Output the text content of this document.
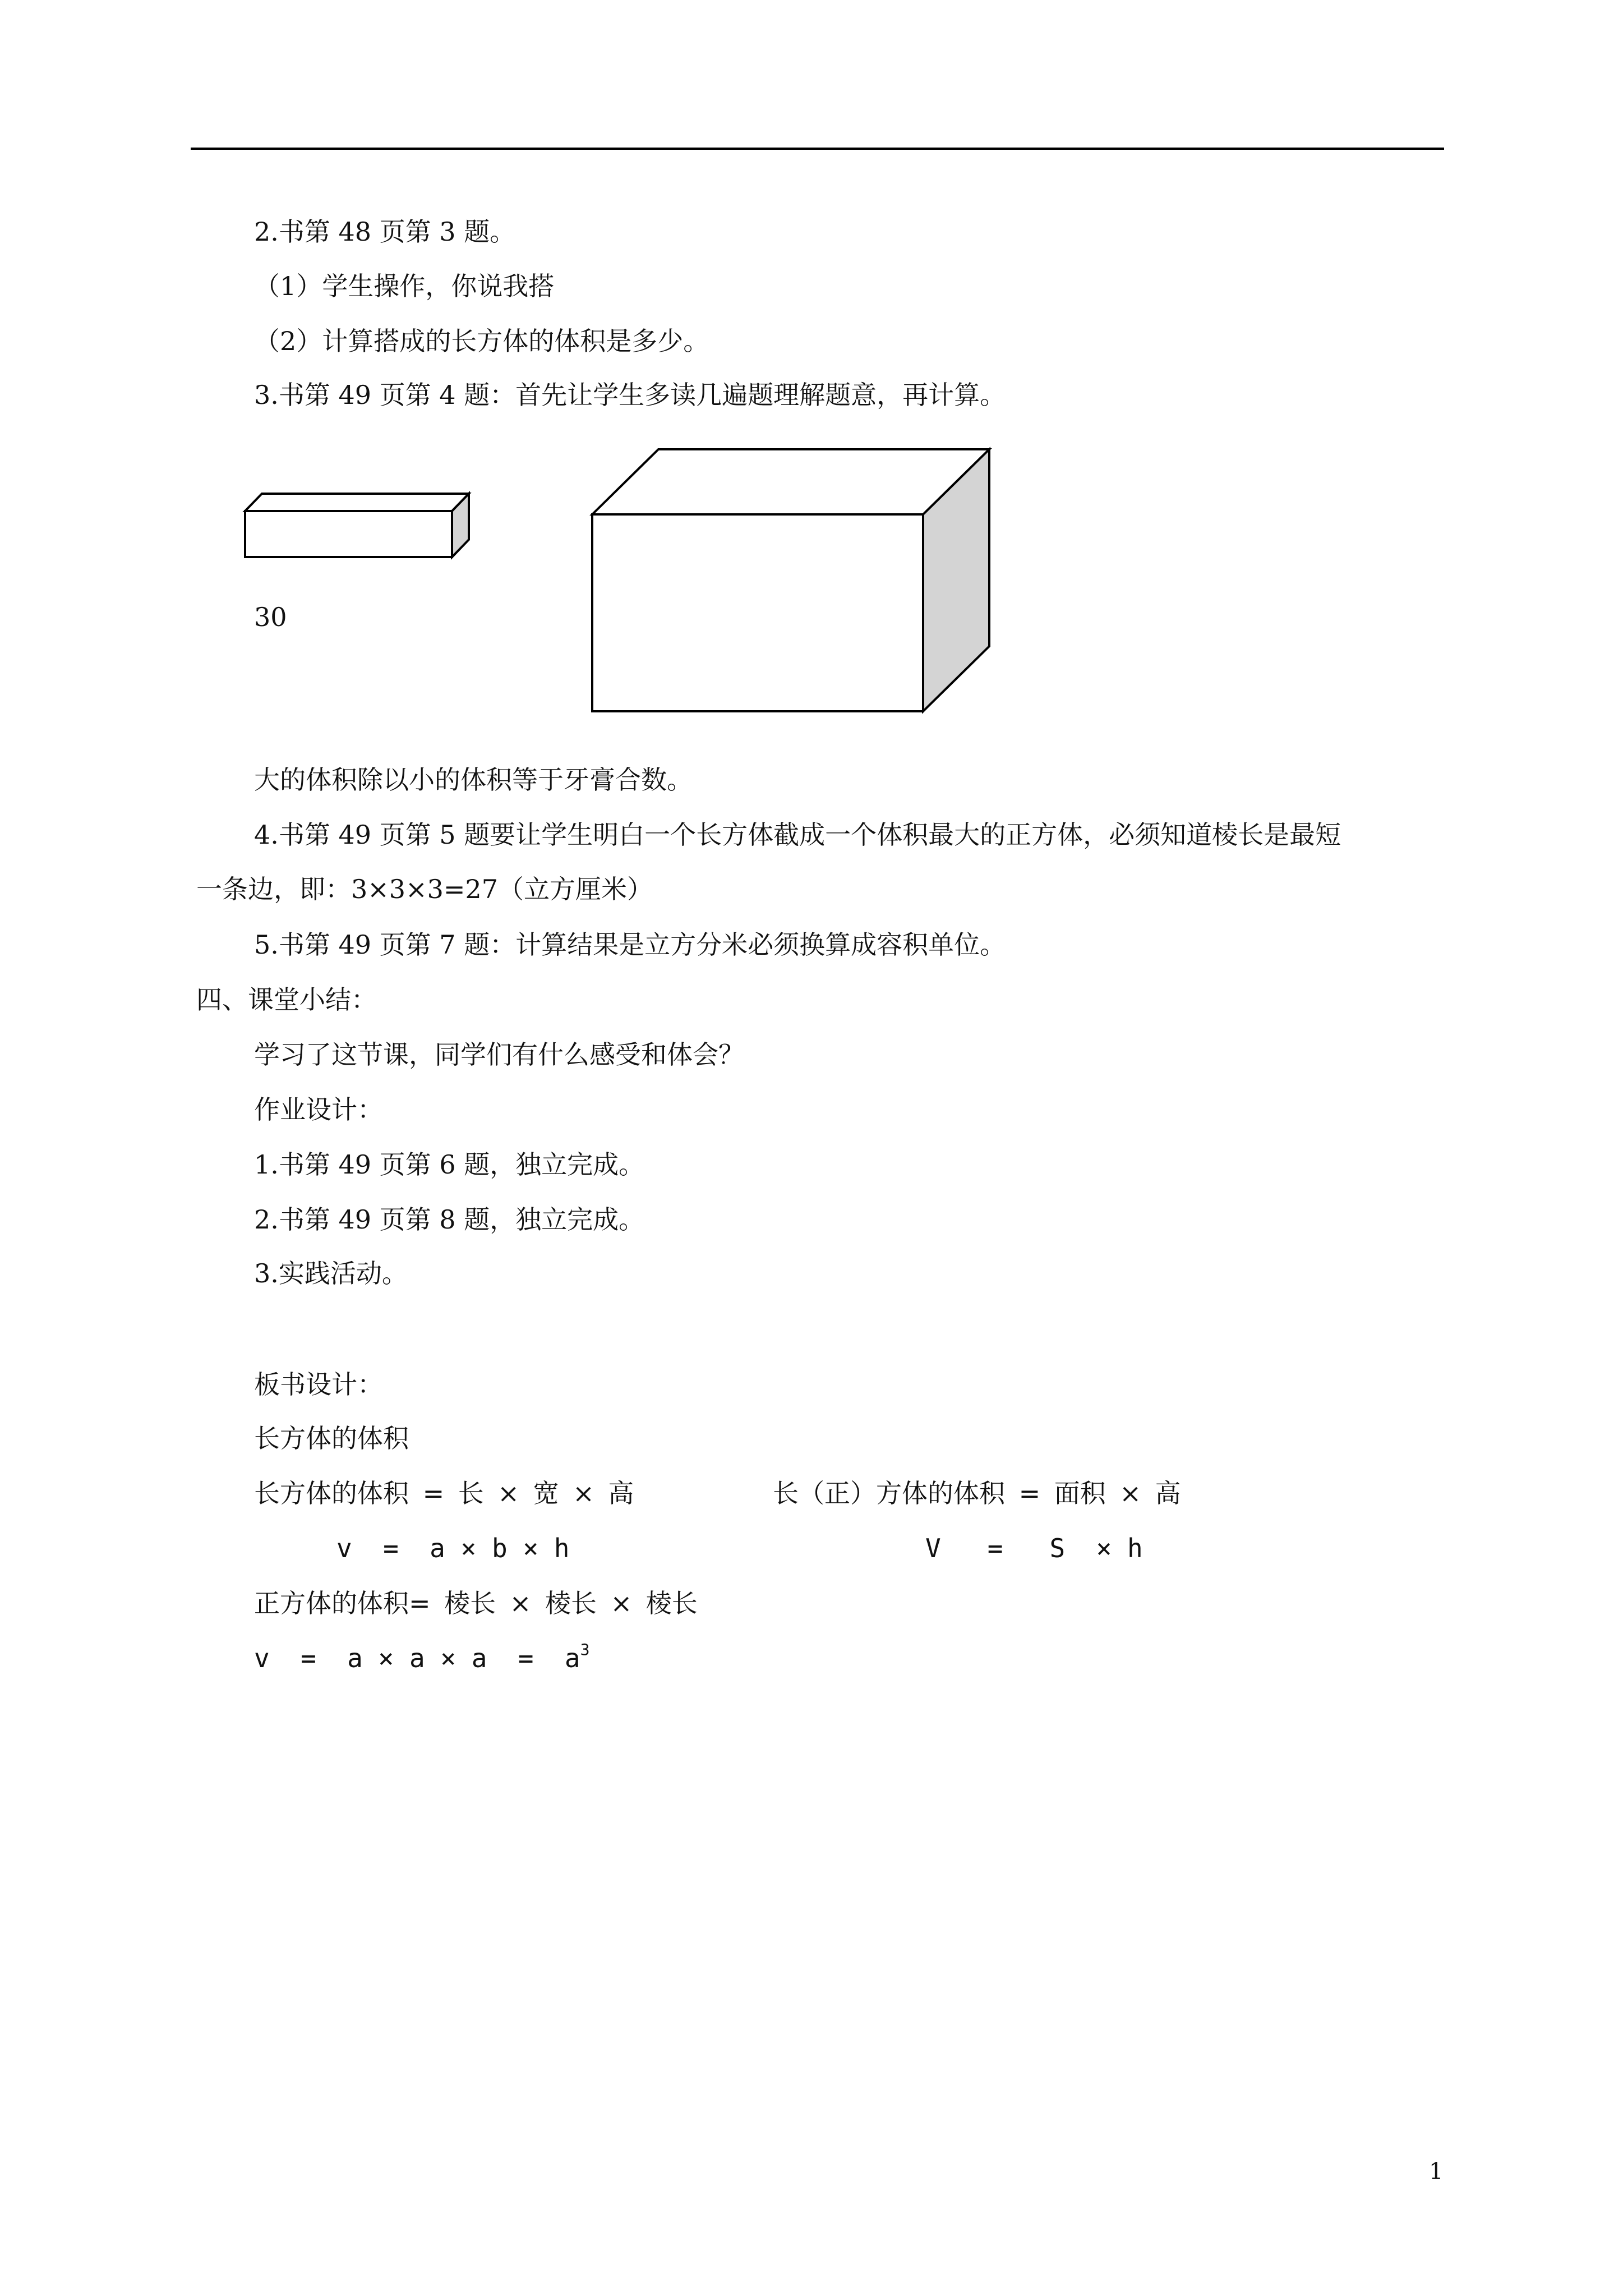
2.书第 48 页第 3 题。
（1）学生操作，你说我搭
（2）计算搭成的长方体的体积是多少。
3.书第 49 页第 4 题：首先让学生多读几遍题理解题意，再计算。
30
大的体积除以小的体积等于牙膏合数。
4.书第 49 页第 5 题要让学生明白一个长方体截成一个体积最大的正方体，必须知道棱长是最短
一条边，即：3×3×3=27（立方厘米）
5.书第 49 页第 7 题：计算结果是立方分米必须换算成容积单位。
四、课堂小结：
学习了这节课，同学们有什么感受和体会？
作业设计：
1.书第 49 页第 6 题，独立完成。
2.书第 49 页第 8 题，独立完成。
3.实践活动。
板书设计：
长方体的体积
长方体的体积 = 长 × 宽 × 高	长（正）方体的体积 = 面积 × 高
v  =  a × b × h	V   =   S  × h
正方体的体积= 棱长 × 棱长 × 棱长
$v = a \times a \times a = a^3$
1
